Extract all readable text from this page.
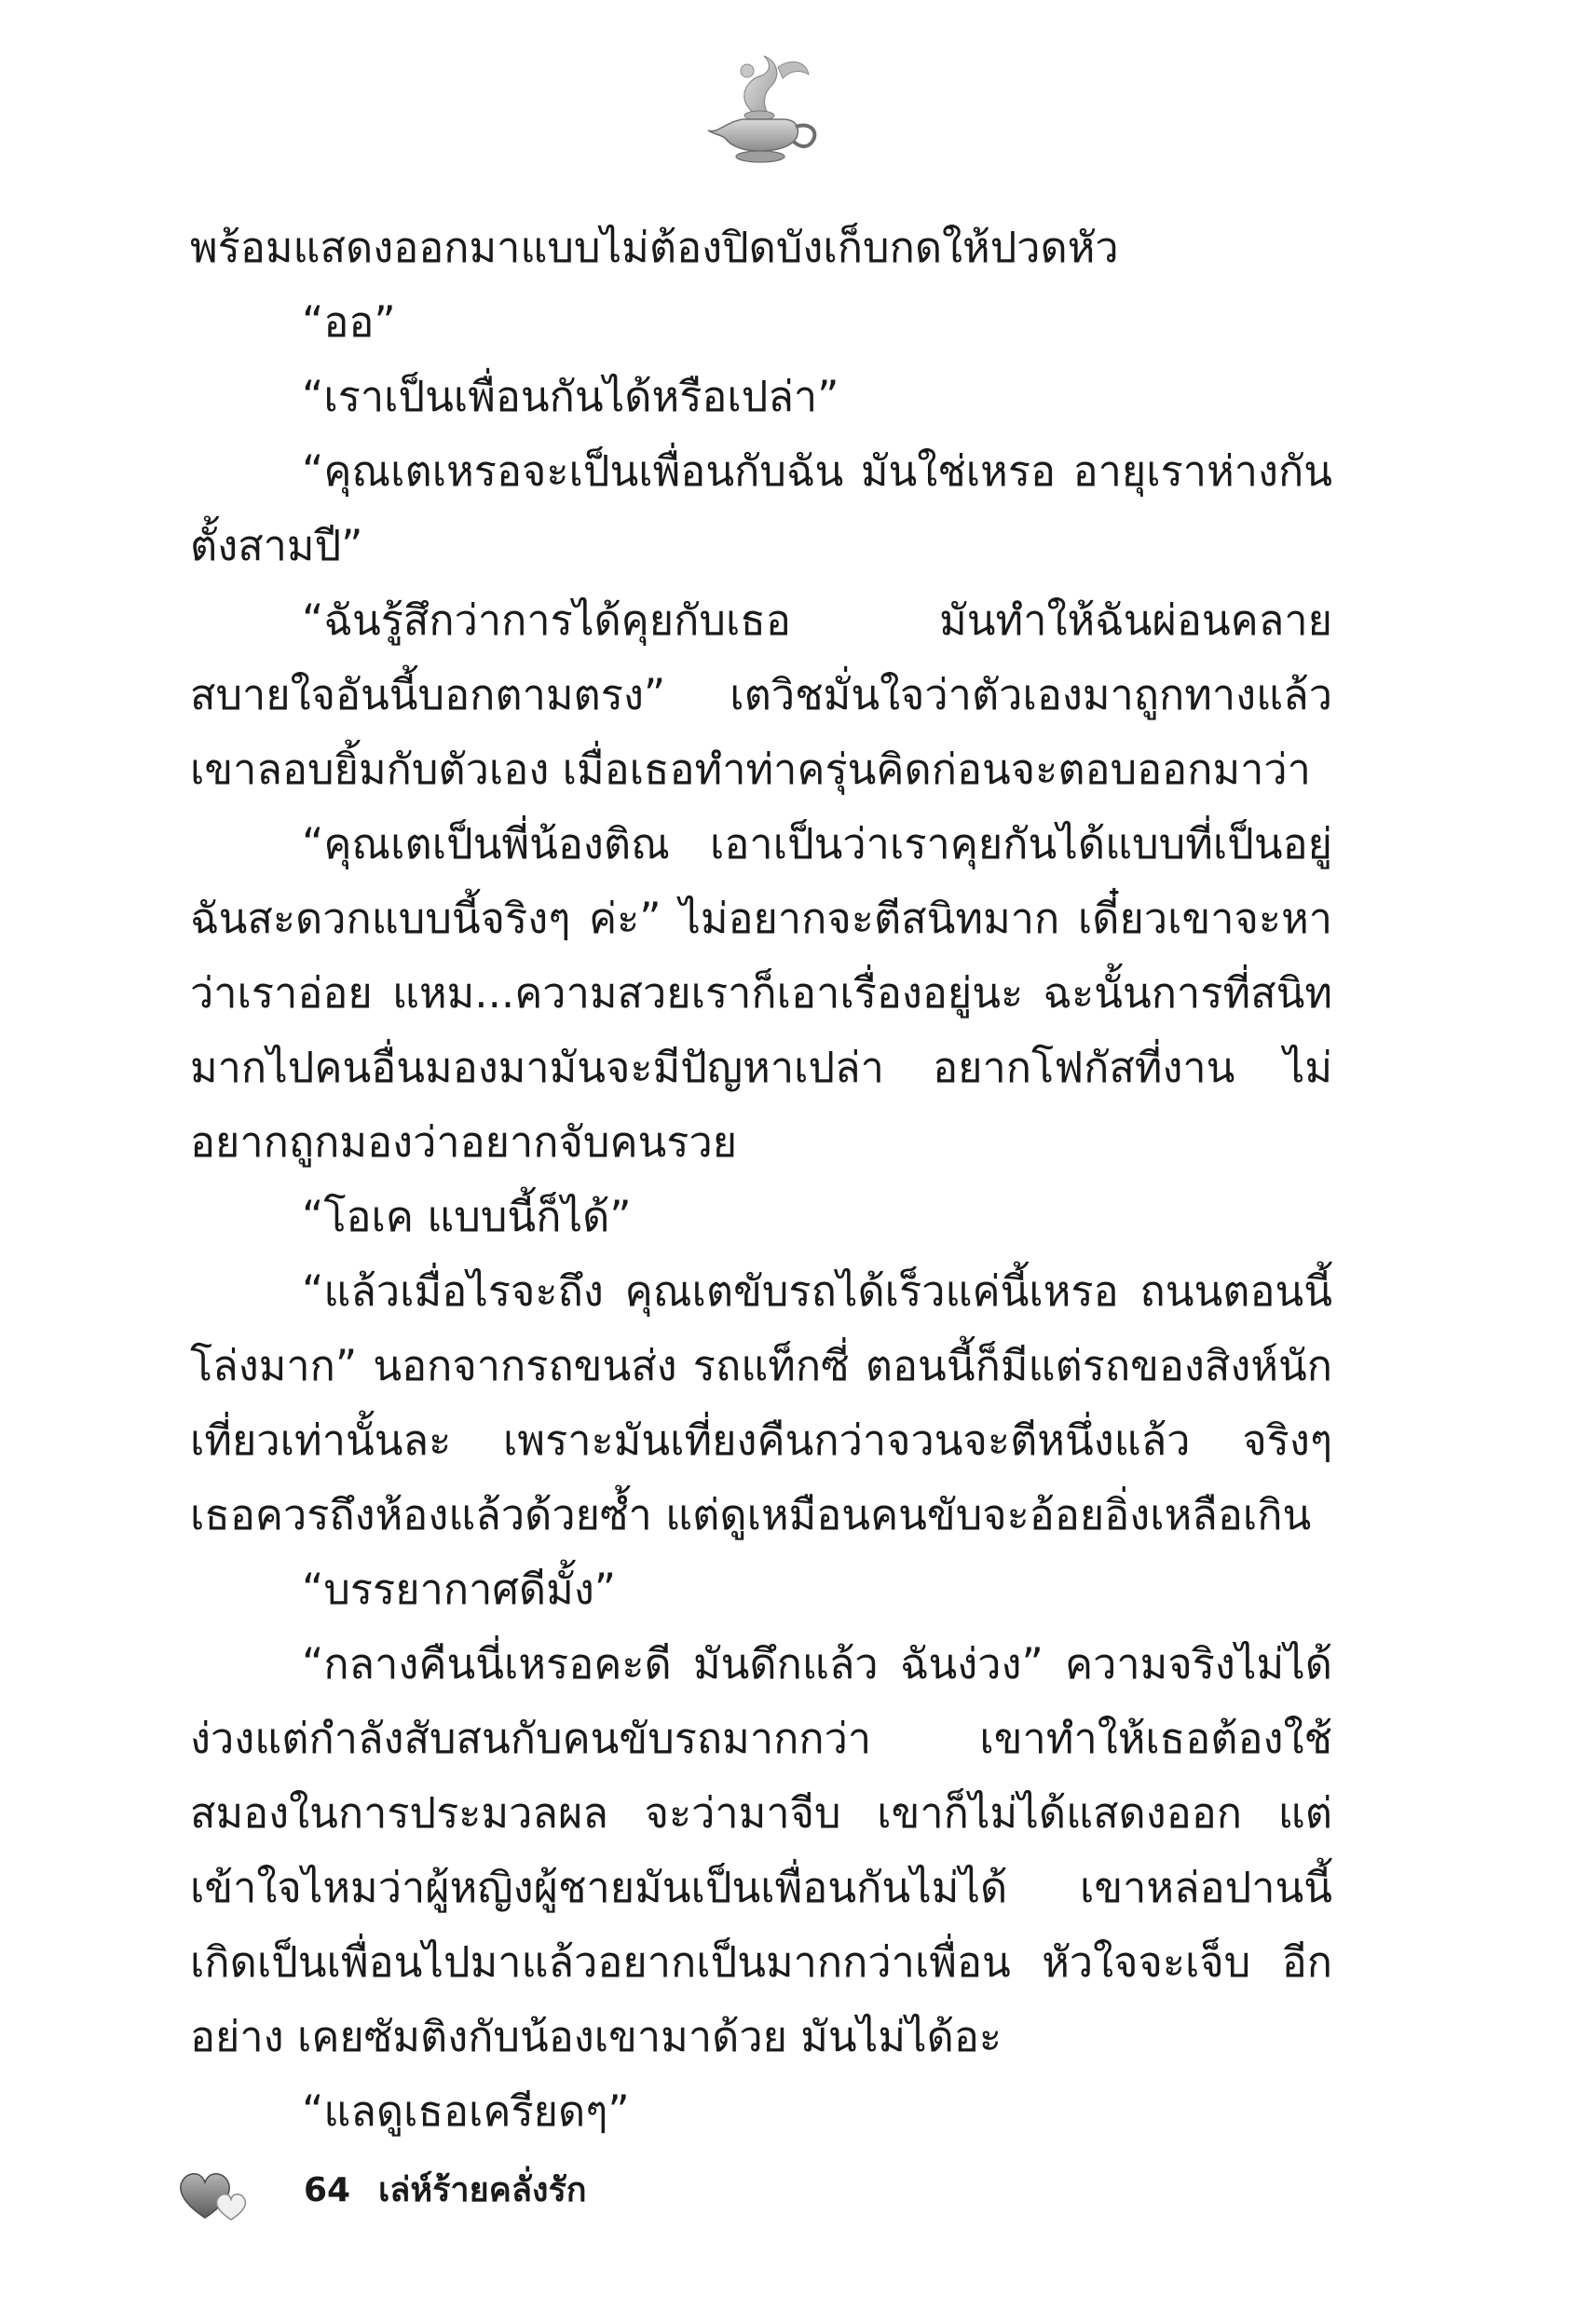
พร้อมแสดงออกมาแบบไม่ต้องปิดบังเก็บกดให้ปวดหัว

“ออ”

“เราเป็นเพื่อนกันได้หรือเปล่า”

“คุณเตเหรอจะเป็นเพื่อนกับฉัน มันใช่เหรอ อายุเราห่างกันตั้งสามปี”

“ฉันรู้สึกว่าการได้คุยกับเธอ มันทำให้ฉันผ่อนคลายสบายใจอันนี้บอกตามตรง” เตวิชมั่นใจว่าตัวเองมาถูกทางแล้ว เขาลอบยิ้มกับตัวเอง เมื่อเธอทำท่าครุ่นคิดก่อนจะตอบออกมาว่า

“คุณเตเป็นพี่น้องติณ เอาเป็นว่าเราคุยกันได้แบบที่เป็นอยู่ ฉันสะดวกแบบนี้จริงๆ ค่ะ” ไม่อยากจะตีสนิทมาก เดี๋ยวเขาจะหาว่าเราอ่อย แหม...ความสวยเราก็เอาเรื่องอยู่นะ ฉะนั้นการที่สนิทมากไปคนอื่นมองมามันจะมีปัญหาเปล่า อยากโฟกัสที่งาน ไม่อยากถูกมองว่าอยากจับคนรวย

“โอเค แบบนี้ก็ได้”

“แล้วเมื่อไรจะถึง คุณเตขับรถได้เร็วแค่นี้เหรอ ถนนตอนนี้โล่งมาก” นอกจากรถขนส่ง รถแท็กซี่ ตอนนี้ก็มีแต่รถของสิงห์นักเที่ยวเท่านั้นละ เพราะมันเที่ยงคืนกว่าจวนจะตีหนึ่งแล้ว จริงๆ เธอควรถึงห้องแล้วด้วยซ้ำ แต่ดูเหมือนคนขับจะอ้อยอิ่งเหลือเกิน

“บรรยากาศดีมั้ง”

“กลางคืนนี่เหรอคะดี มันดึกแล้ว ฉันง่วง” ความจริงไม่ได้ง่วงแต่กำลังสับสนกับคนขับรถมากกว่า เขาทำให้เธอต้องใช้สมองในการประมวลผล จะว่ามาจีบ เขาก็ไม่ได้แสดงออก แต่เข้าใจไหมว่าผู้หญิงผู้ชายมันเป็นเพื่อนกันไม่ได้ เขาหล่อปานนี้ เกิดเป็นเพื่อนไปมาแล้วอยากเป็นมากกว่าเพื่อน หัวใจจะเจ็บ อีกอย่าง เคยซัมติงกับน้องเขามาด้วย มันไม่ได้อะ

“แลดูเธอเครียดๆ”

64 เล่ห์ร้ายคลั่งรัก
